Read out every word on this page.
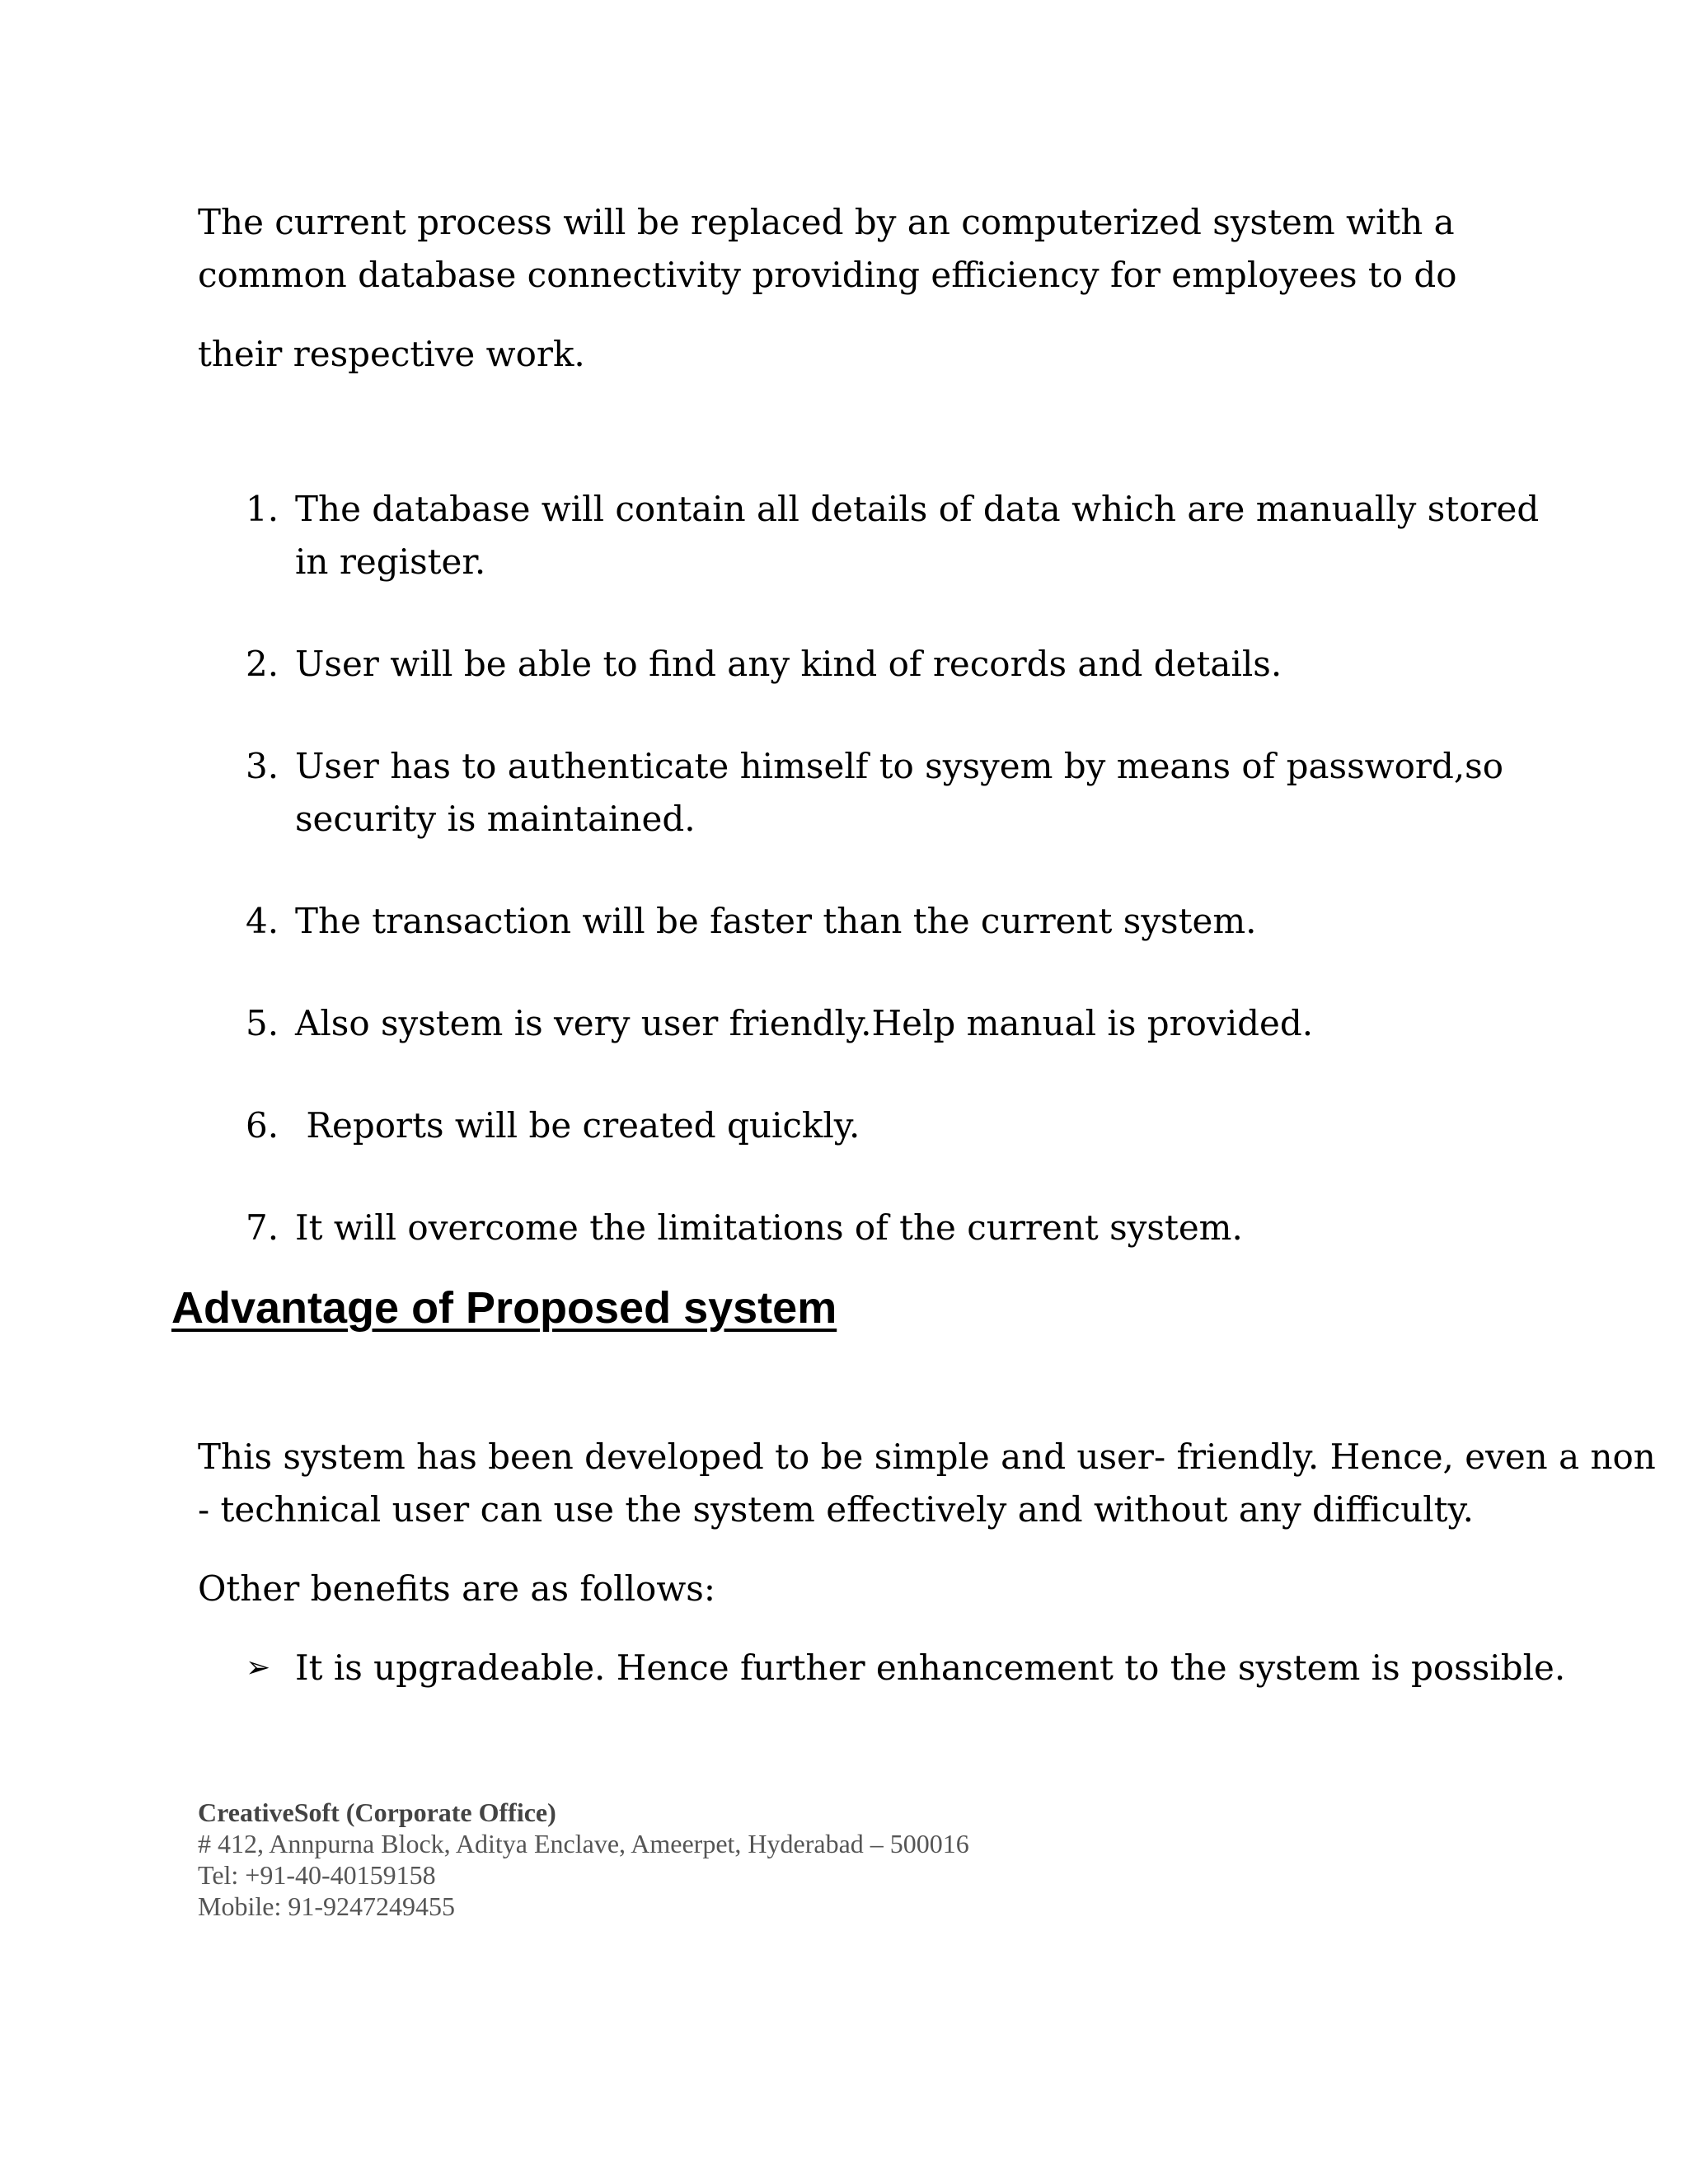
The current process will be replaced by an computerized system with a
common database connectivity providing efficiency for employees to do
their respective work.
1. The database will contain all details of data which are manually stored
in register.
2. User will be able to find any kind of records and details.
3. User has to authenticate himself to sysyem by means of password,so
security is maintained.
4. The transaction will be faster than the current system.
5. Also system is very user friendly.Help manual is provided.
6. Reports will be created quickly.
7. It will overcome the limitations of the current system.
Advantage of Proposed system
This system has been developed to be simple and user- friendly. Hence, even a non
- technical user can use the system effectively and without any difficulty.
Other benefits are as follows:
➢ It is upgradeable. Hence further enhancement to the system is possible.
CreativeSoft (Corporate Office)
# 412, Annpurna Block, Aditya Enclave, Ameerpet, Hyderabad – 500016
Tel: +91-40-40159158
Mobile: 91-9247249455
